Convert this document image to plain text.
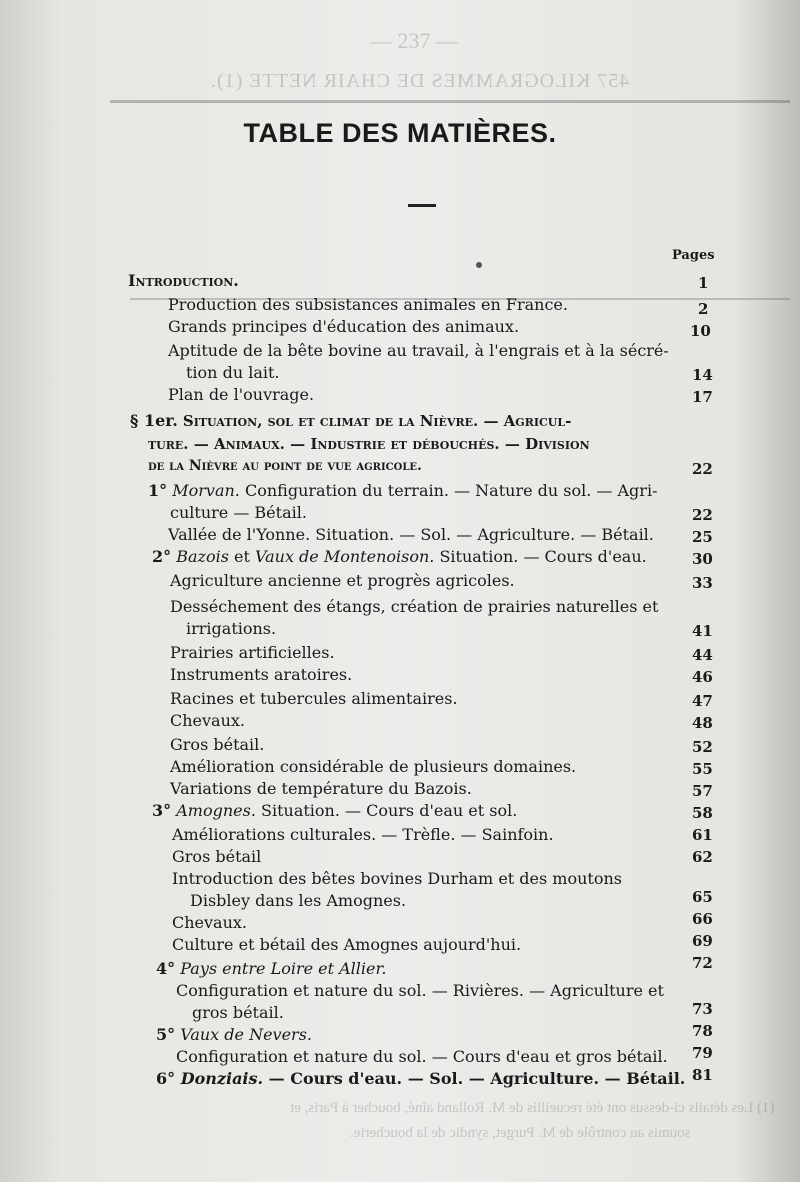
— 237 —
457 KILOGRAMMES DE CHAIR NETTE (1).
(1) Les détails ci-dessus ont été recueillis de M. Rolland aîné, boucher à Paris, et
soumis au contrôle de M. Purget, syndic de la boucherie.
TABLE DES MATIÈRES.
Pages
Introduction.	1
Production des subsistances animales en France.	2
Grands principes d'éducation des animaux.	10
Aptitude de la bête bovine au travail, à l'engrais et à la sécré-
tion du lait.	14
Plan de l'ouvrage.	17
§ 1er. Situation, sol et climat de la Nièvre. — Agricul-
ture. — Animaux. — Industrie et débouchés. — Division
de la Nièvre au point de vue agricole.	22
1° Morvan. Configuration du terrain. — Nature du sol. — Agri-
culture — Bétail.	22
Vallée de l'Yonne. Situation. — Sol. — Agriculture. — Bétail.	25
2° Bazois et Vaux de Montenoison. Situation. — Cours d'eau.	30
Agriculture ancienne et progrès agricoles.	33
Desséchement des étangs, création de prairies naturelles et
irrigations.	41
Prairies artificielles.	44
Instruments aratoires.	46
Racines et tubercules alimentaires.	47
Chevaux.	48
Gros bétail.	52
Amélioration considérable de plusieurs domaines.	55
Variations de température du Bazois.	57
3° Amognes. Situation. — Cours d'eau et sol.	58
Améliorations culturales. — Trèfle. — Sainfoin.	61
Gros bétail	62
Introduction des bêtes bovines Durham et des moutons
Disbley dans les Amognes.	65
Chevaux.	66
Culture et bétail des Amognes aujourd'hui.	69
4° Pays entre Loire et Allier.	72
Configuration et nature du sol. — Rivières. — Agriculture et
gros bétail.	73
5° Vaux de Nevers.	78
Configuration et nature du sol. — Cours d'eau et gros bétail. 79
6° Donziais. — Cours d'eau. — Sol. — Agriculture. — Bétail. 81
